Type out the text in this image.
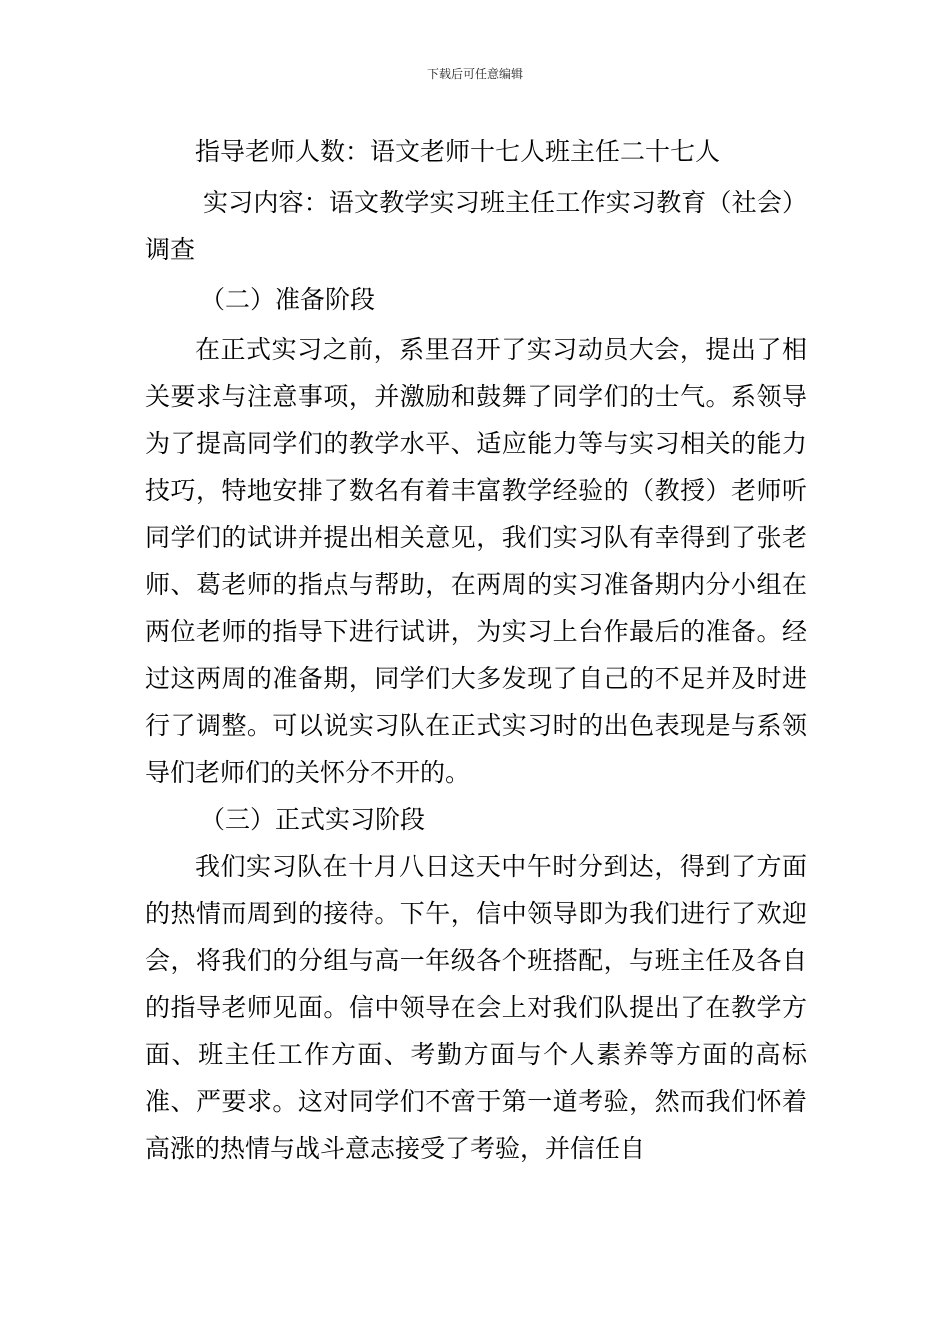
下载后可任意编辑

指导老师人数：语文老师十七人班主任二十七人

实习内容：语文教学实习班主任工作实习教育（社会）调查

（二）准备阶段

在正式实习之前，系里召开了实习动员大会，提出了相关要求与注意事项，并激励和鼓舞了同学们的士气。系领导为了提高同学们的教学水平、适应能力等与实习相关的能力技巧，特地安排了数名有着丰富教学经验的（教授）老师听同学们的试讲并提出相关意见，我们实习队有幸得到了张老师、葛老师的指点与帮助，在两周的实习准备期内分小组在两位老师的指导下进行试讲，为实习上台作最后的准备。经过这两周的准备期，同学们大多发现了自己的不足并及时进行了调整。可以说实习队在正式实习时的出色表现是与系领导们老师们的关怀分不开的。

（三）正式实习阶段

我们实习队在十月八日这天中午时分到达，得到了方面的热情而周到的接待。下午，信中领导即为我们进行了欢迎会，将我们的分组与高一年级各个班搭配，与班主任及各自的指导老师见面。信中领导在会上对我们队提出了在教学方面、班主任工作方面、考勤方面与个人素养等方面的高标准、严要求。这对同学们不啻于第一道考验，然而我们怀着高涨的热情与战斗意志接受了考验，并信任自
